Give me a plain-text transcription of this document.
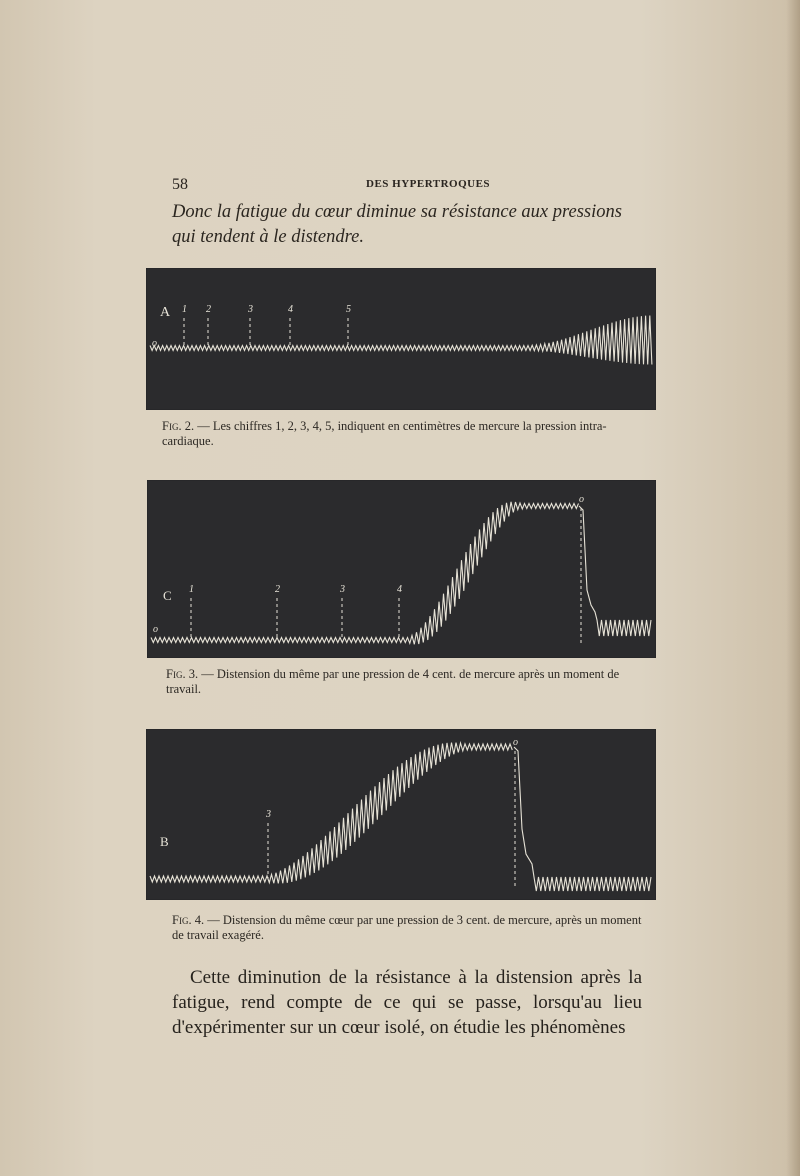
58	DES HYPERTROQUES
Donc la fatigue du cœur diminue sa résistance aux pressions qui tendent à le distendre.
1 2	3	4	5
A
o
Fig. 2. — Les chiffres 1, 2, 3, 4, 5, indiquent en centimètres de mercure la pression intra-cardiaque.
1	2	3	4
C
o
o
Fig. 3. — Distension du même par une pression de 4 cent. de mercure après un moment de travail.
3
B
o
Fig. 4. — Distension du même cœur par une pression de 3 cent. de mercure, après un moment de travail exagéré.

Cette diminution de la résistance à la distension après la fatigue, rend compte de ce qui se passe, lorsqu'au lieu d'expérimenter sur un cœur isolé, on étudie les phénomènes
